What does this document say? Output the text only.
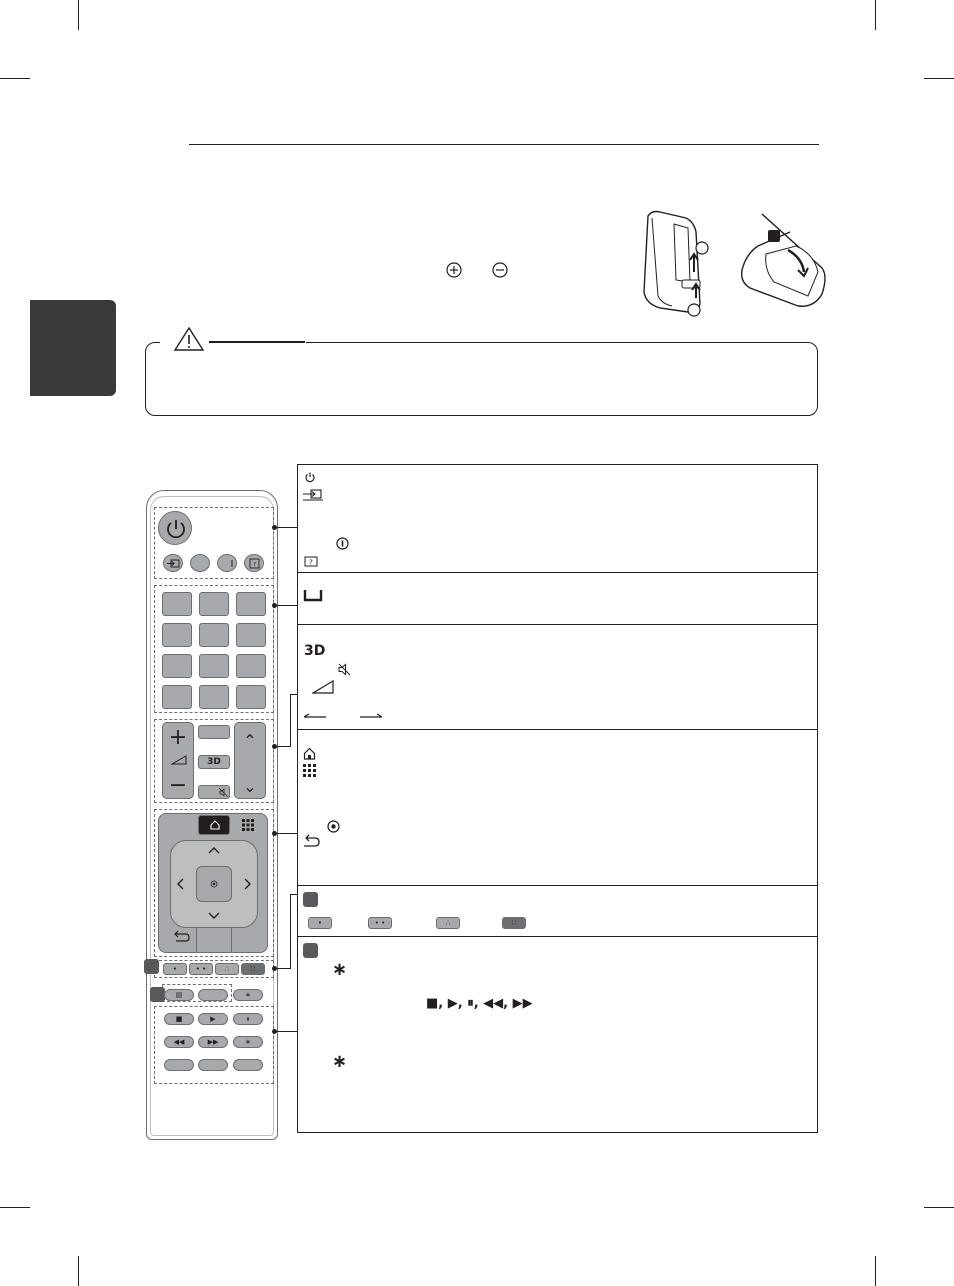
?
+
−
3D
⌃
⌄
•	• •	∴	∷
▤	∗
■	▶	⏸
◀◀	▶▶	∗
?
3D
•	• •	∴	∷
∗
■, ▶, ⏸, ◀◀, ▶▶
∗
